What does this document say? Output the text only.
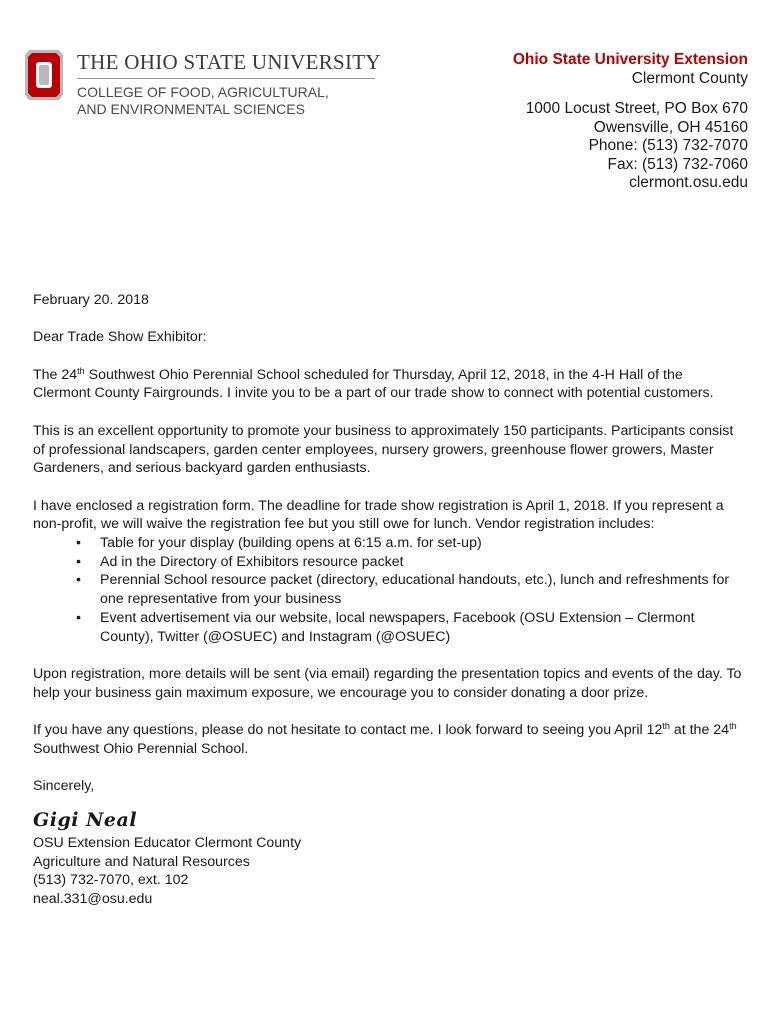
THE OHIO STATE UNIVERSITY
COLLEGE OF FOOD, AGRICULTURAL,
AND ENVIRONMENTAL SCIENCES
Ohio State University Extension
Clermont County
1000 Locust Street, PO Box 670
Owensville, OH 45160
Phone: (513) 732-7070
Fax: (513) 732-7060
clermont.osu.edu

February 20. 2018

Dear Trade Show Exhibitor:

The 24th Southwest Ohio Perennial School scheduled for Thursday, April 12, 2018, in the 4-H Hall of the Clermont County Fairgrounds. I invite you to be a part of our trade show to connect with potential customers.

This is an excellent opportunity to promote your business to approximately 150 participants. Participants consist of professional landscapers, garden center employees, nursery growers, greenhouse flower growers, Master Gardeners, and serious backyard garden enthusiasts.

I have enclosed a registration form. The deadline for trade show registration is April 1, 2018. If you represent a non-profit, we will waive the registration fee but you still owe for lunch. Vendor registration includes:

• Table for your display (building opens at 6:15 a.m. for set-up)
• Ad in the Directory of Exhibitors resource packet
• Perennial School resource packet (directory, educational handouts, etc.), lunch and refreshments for one representative from your business
• Event advertisement via our website, local newspapers, Facebook (OSU Extension – Clermont County), Twitter (@OSUEC) and Instagram (@OSUEC)

Upon registration, more details will be sent (via email) regarding the presentation topics and events of the day. To help your business gain maximum exposure, we encourage you to consider donating a door prize.

If you have any questions, please do not hesitate to contact me. I look forward to seeing you April 12th at the 24th Southwest Ohio Perennial School.

Sincerely,

Gigi Neal
OSU Extension Educator Clermont County
Agriculture and Natural Resources
(513) 732-7070, ext. 102
neal.331@osu.edu
